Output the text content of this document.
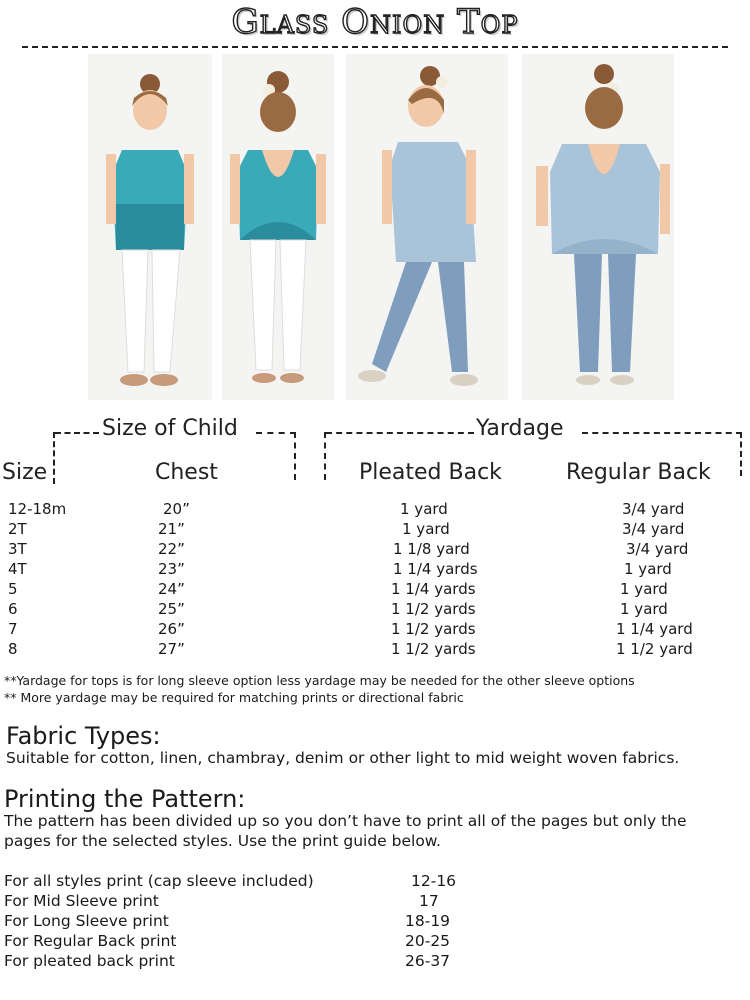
Glass Onion Top
Size of Child	Yardage
Size	Chest	Pleated Back	Regular Back
12-18m	20”	1 yard	3/4 yard
2T	21”	1 yard	3/4 yard
3T	22”	1 1/8 yard	3/4 yard
4T	23”	1 1/4 yards	1 yard
5	24”	1 1/4 yards	1 yard
6	25”	1 1/2 yards	1 yard
7	26”	1 1/2 yards	1 1/4 yard
8	27”	1 1/2 yards	1 1/2 yard
**Yardage for tops is for long sleeve option less yardage may be needed for the other sleeve options
** More yardage may be required for matching prints or directional fabric
Fabric Types:
Suitable for cotton, linen, chambray, denim or other light to mid weight woven fabrics.
Printing the Pattern:
The pattern has been divided up so you don’t have to print all of the pages but only the pages for the selected styles. Use the print guide below.
For all styles print (cap sleeve included)	12-16
For Mid Sleeve print	17
For Long Sleeve print	18-19
For Regular Back print	20-25
For pleated back print	26-37
